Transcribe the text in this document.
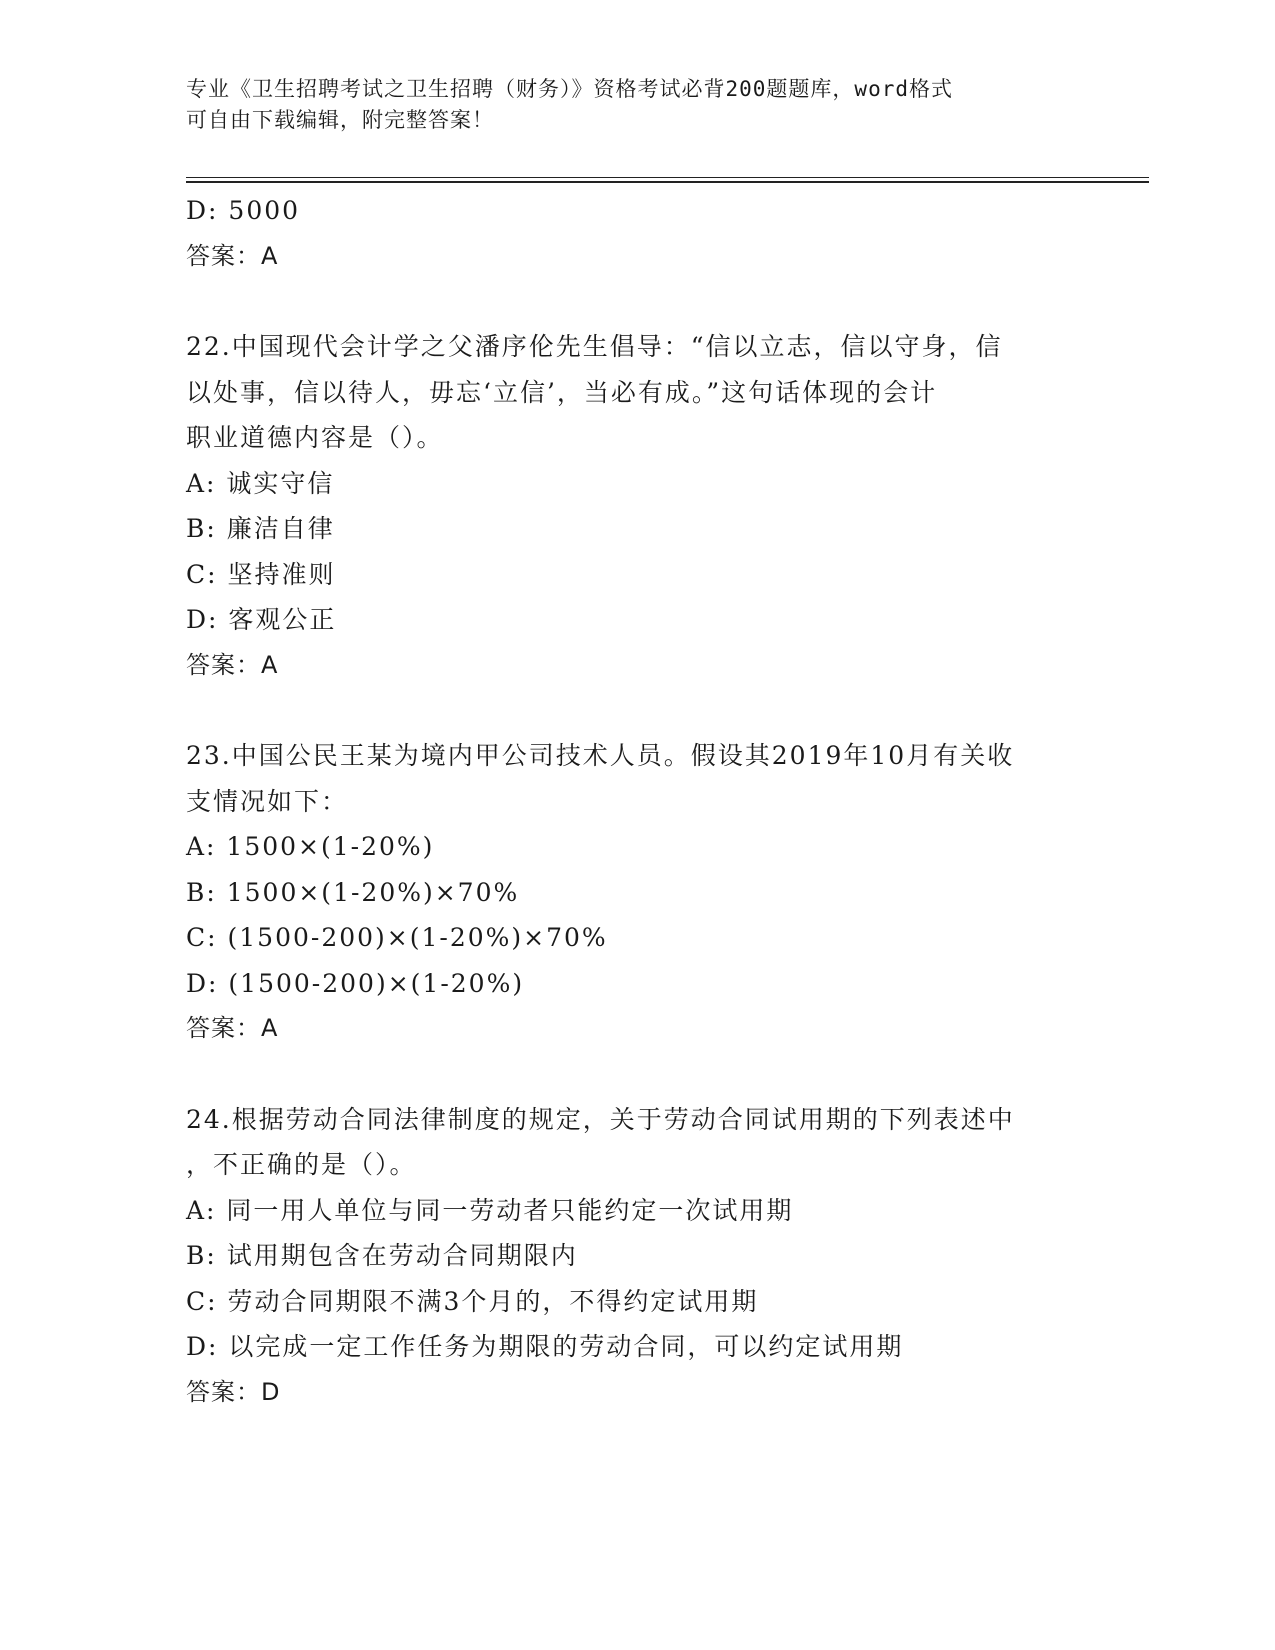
专业《卫生招聘考试之卫生招聘（财务）》资格考试必背200题题库，word格式
可自由下载编辑，附完整答案！
D: 5000
答案：A
22.中国现代会计学之父潘序伦先生倡导：“信以立志，信以守身，信
以处事，信以待人，毋忘‘立信’，当必有成。”这句话体现的会计
职业道德内容是（）。
A: 诚实守信
B: 廉洁自律
C: 坚持准则
D: 客观公正
答案：A
23.中国公民王某为境内甲公司技术人员。假设其2019年10月有关收
支情况如下：
A: 1500×(1-20%)
B: 1500×(1-20%)×70%
C: (1500-200)×(1-20%)×70%
D: (1500-200)×(1-20%)
答案：A
24.根据劳动合同法律制度的规定，关于劳动合同试用期的下列表述中
，不正确的是（）。
A: 同一用人单位与同一劳动者只能约定一次试用期
B: 试用期包含在劳动合同期限内
C: 劳动合同期限不满3个月的，不得约定试用期
D: 以完成一定工作任务为期限的劳动合同，可以约定试用期
答案：D
